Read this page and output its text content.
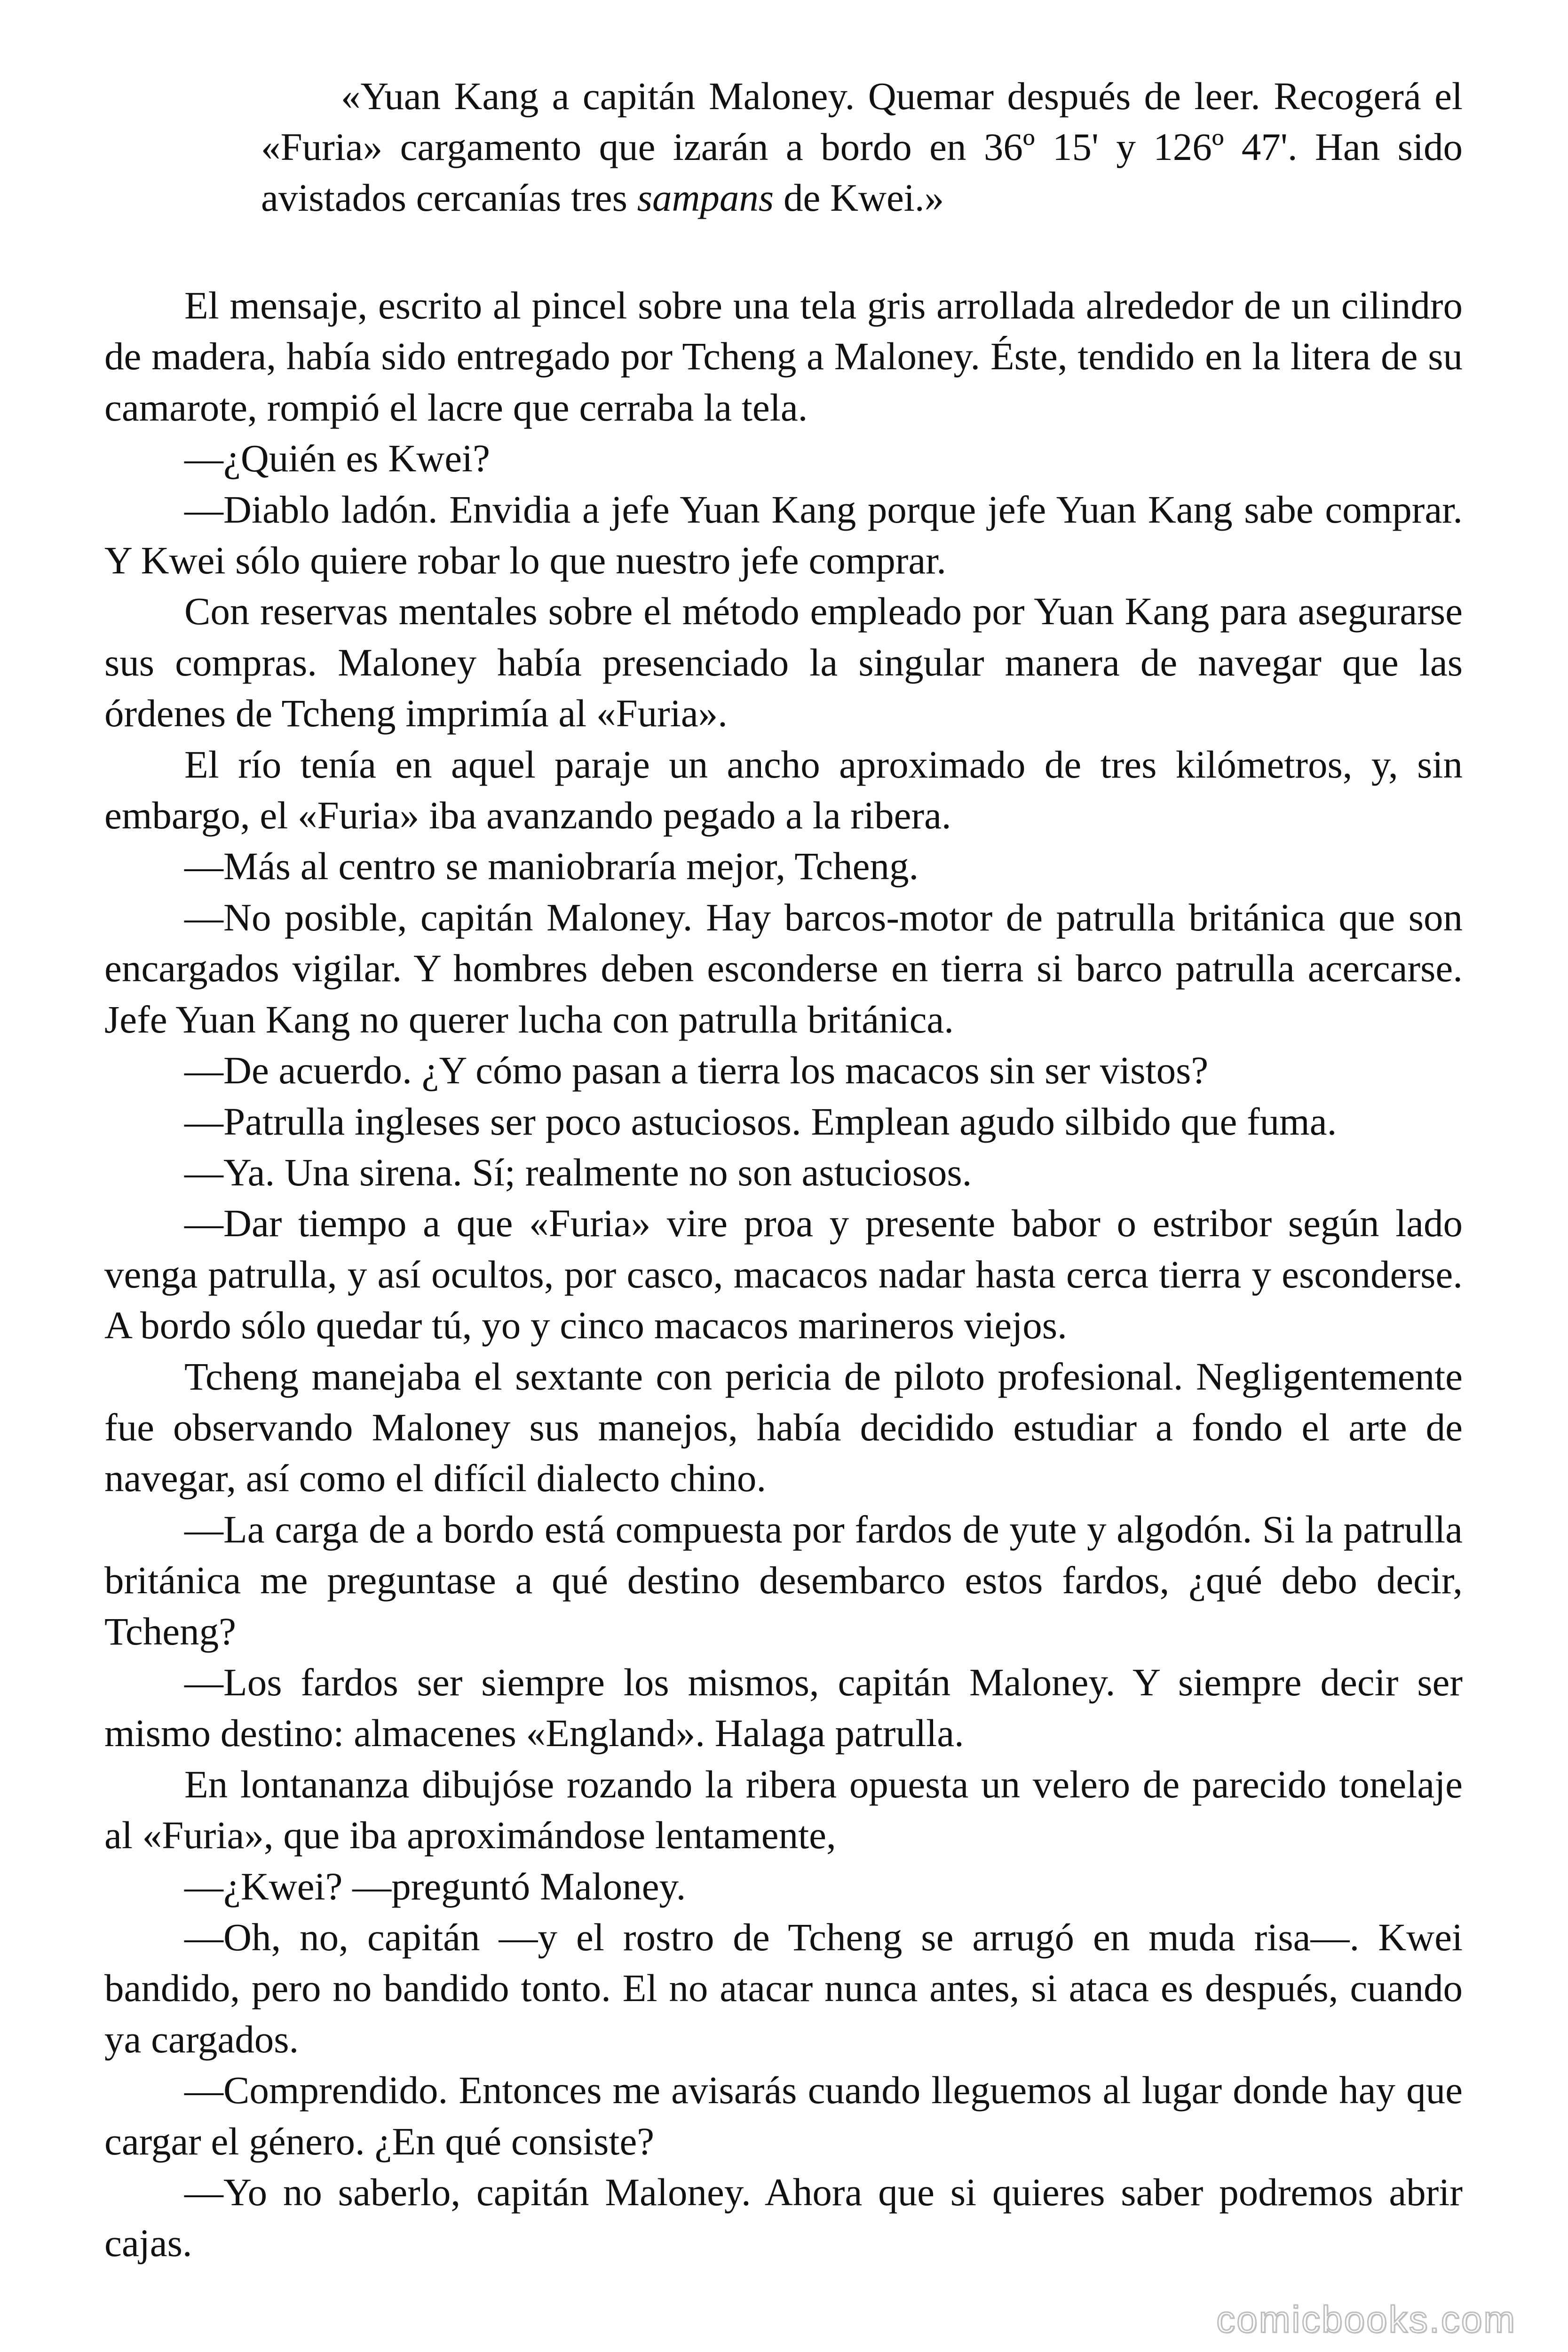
«Yuan Kang a capitán Maloney. Quemar después de leer. Recogerá el «Furia» cargamento que izarán a bordo en 36º 15' y 126º 47'. Han sido avistados cercanías tres sampans de Kwei.»

El mensaje, escrito al pincel sobre una tela gris arrollada alrededor de un cilindro de madera, había sido entregado por Tcheng a Maloney. Éste, tendido en la litera de su camarote, rompió el lacre que cerraba la tela.

—¿Quién es Kwei?

—Diablo ladón. Envidia a jefe Yuan Kang porque jefe Yuan Kang sabe comprar. Y Kwei sólo quiere robar lo que nuestro jefe comprar.

Con reservas mentales sobre el método empleado por Yuan Kang para asegurarse sus compras. Maloney había presenciado la singular manera de navegar que las órdenes de Tcheng imprimía al «Furia».

El río tenía en aquel paraje un ancho aproximado de tres kilómetros, y, sin embargo, el «Furia» iba avanzando pegado a la ribera.

—Más al centro se maniobraría mejor, Tcheng.

—No posible, capitán Maloney. Hay barcos-motor de patrulla británica que son encargados vigilar. Y hombres deben esconderse en tierra si barco patrulla acercarse. Jefe Yuan Kang no querer lucha con patrulla británica.

—De acuerdo. ¿Y cómo pasan a tierra los macacos sin ser vistos?

—Patrulla ingleses ser poco astuciosos. Emplean agudo silbido que fuma.

—Ya. Una sirena. Sí; realmente no son astuciosos.

—Dar tiempo a que «Furia» vire proa y presente babor o estribor según lado venga patrulla, y así ocultos, por casco, macacos nadar hasta cerca tierra y esconderse. A bordo sólo quedar tú, yo y cinco macacos marineros viejos.

Tcheng manejaba el sextante con pericia de piloto profesional. Negligentemente fue observando Maloney sus manejos, había decidido estudiar a fondo el arte de navegar, así como el difícil dialecto chino.

—La carga de a bordo está compuesta por fardos de yute y algodón. Si la patrulla británica me preguntase a qué destino desembarco estos fardos, ¿qué debo decir, Tcheng?

—Los fardos ser siempre los mismos, capitán Maloney. Y siempre decir ser mismo destino: almacenes «England». Halaga patrulla.

En lontananza dibujóse rozando la ribera opuesta un velero de parecido tonelaje al «Furia», que iba aproximándose lentamente,

—¿Kwei? —preguntó Maloney.

—Oh, no, capitán —y el rostro de Tcheng se arrugó en muda risa—. Kwei bandido, pero no bandido tonto. El no atacar nunca antes, si ataca es después, cuando ya cargados.

—Comprendido. Entonces me avisarás cuando lleguemos al lugar donde hay que cargar el género. ¿En qué consiste?

—Yo no saberlo, capitán Maloney. Ahora que si quieres saber podremos abrir cajas.

comicbooks.com
